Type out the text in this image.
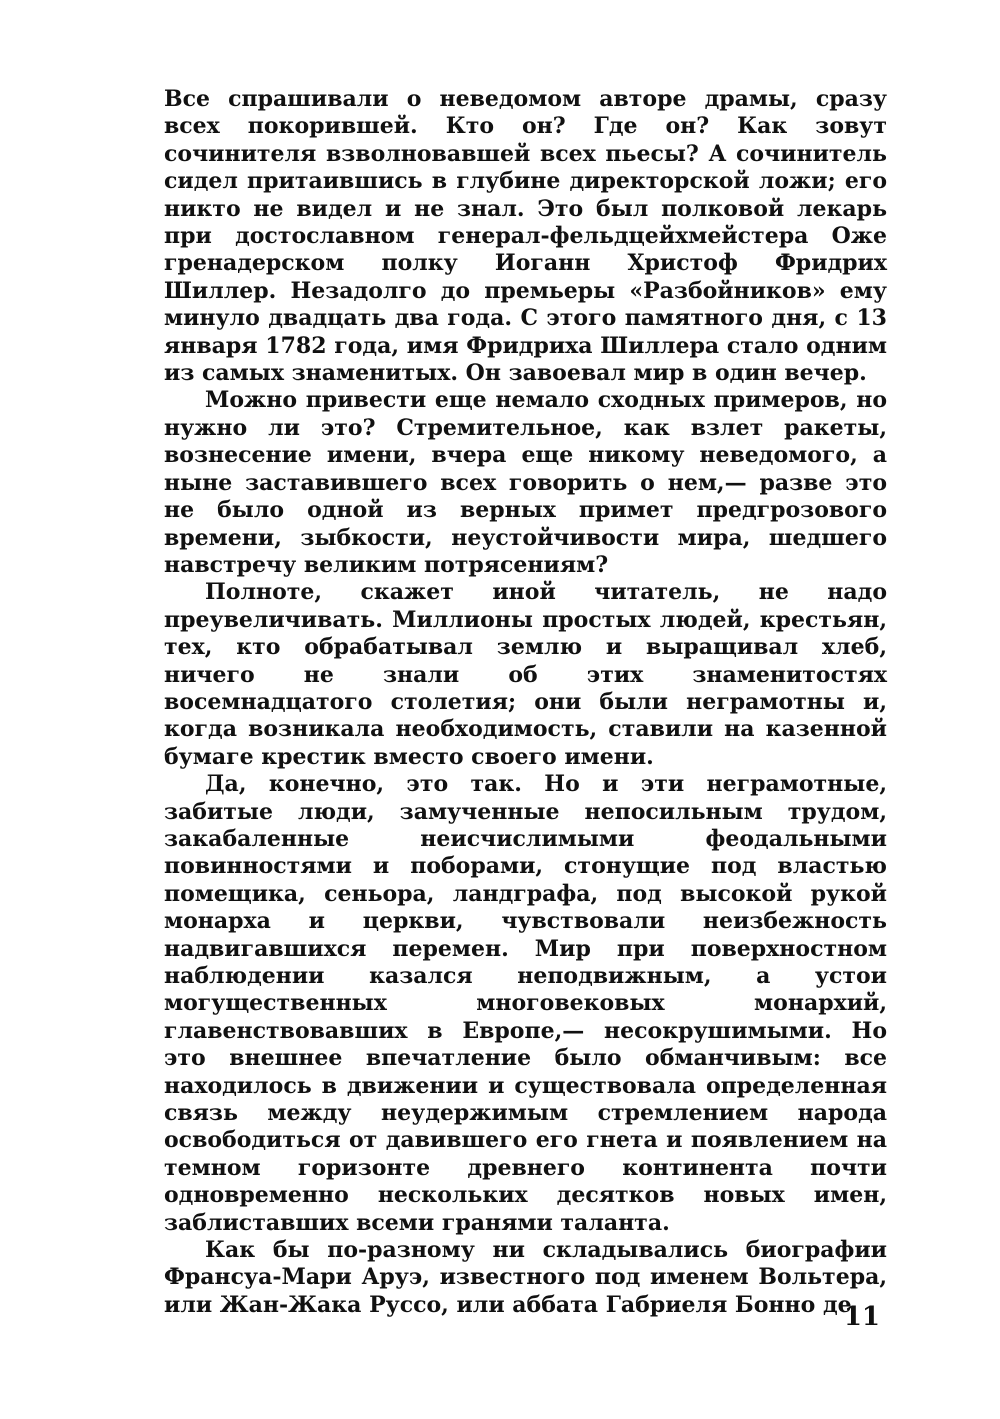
Все спрашивали о неведомом авторе драмы, сразу всех покорившей. Кто он? Где он? Как зовут сочинителя взволновавшей всех пьесы? А сочинитель сидел притаившись в глубине директорской ложи; его никто не видел и не знал. Это был полковой лекарь при достославном генерал-фельдцейхмейстера Оже гренадерском полку Иоганн Христоф Фридрих Шиллер. Незадолго до премьеры «Разбойников» ему минуло двадцать два года. С этого памятного дня, с 13 января 1782 года, имя Фридриха Шиллера стало одним из самых знаменитых. Он завоевал мир в один вечер.

Можно привести еще немало сходных примеров, но нужно ли это? Стремительное, как взлет ракеты, вознесение имени, вчера еще никому неведомого, а ныне заставившего всех говорить о нем,— разве это не было одной из верных примет предгрозового времени, зыбкости, неустойчивости мира, шедшего навстречу великим потрясениям?

Полноте, скажет иной читатель, не надо преувеличивать. Миллионы простых людей, крестьян, тех, кто обрабатывал землю и выращивал хлеб, ничего не знали об этих знаменитостях восемнадцатого столетия; они были неграмотны и, когда возникала необходимость, ставили на казенной бумаге крестик вместо своего имени.

Да, конечно, это так. Но и эти неграмотные, забитые люди, замученные непосильным трудом, закабаленные неисчислимыми феодальными повинностями и поборами, стонущие под властью помещика, сеньора, ландграфа, под высокой рукой монарха и церкви, чувствовали неизбежность надвигавшихся перемен. Мир при поверхностном наблюдении казался неподвижным, а устои могущественных многовековых монархий, главенствовавших в Европе,— несокрушимыми. Но это внешнее впечатление было обманчивым: все находилось в движении и существовала определенная связь между неудержимым стремлением народа освободиться от давившего его гнета и появлением на темном горизонте древнего континента почти одновременно нескольких десятков новых имен, заблиставших всеми гранями таланта.

Как бы по-разному ни складывались биографии Франсуа-Мари Аруэ, известного под именем Вольтера, или Жан-Жака Руссо, или аббата Габриеля Бонно де

11
